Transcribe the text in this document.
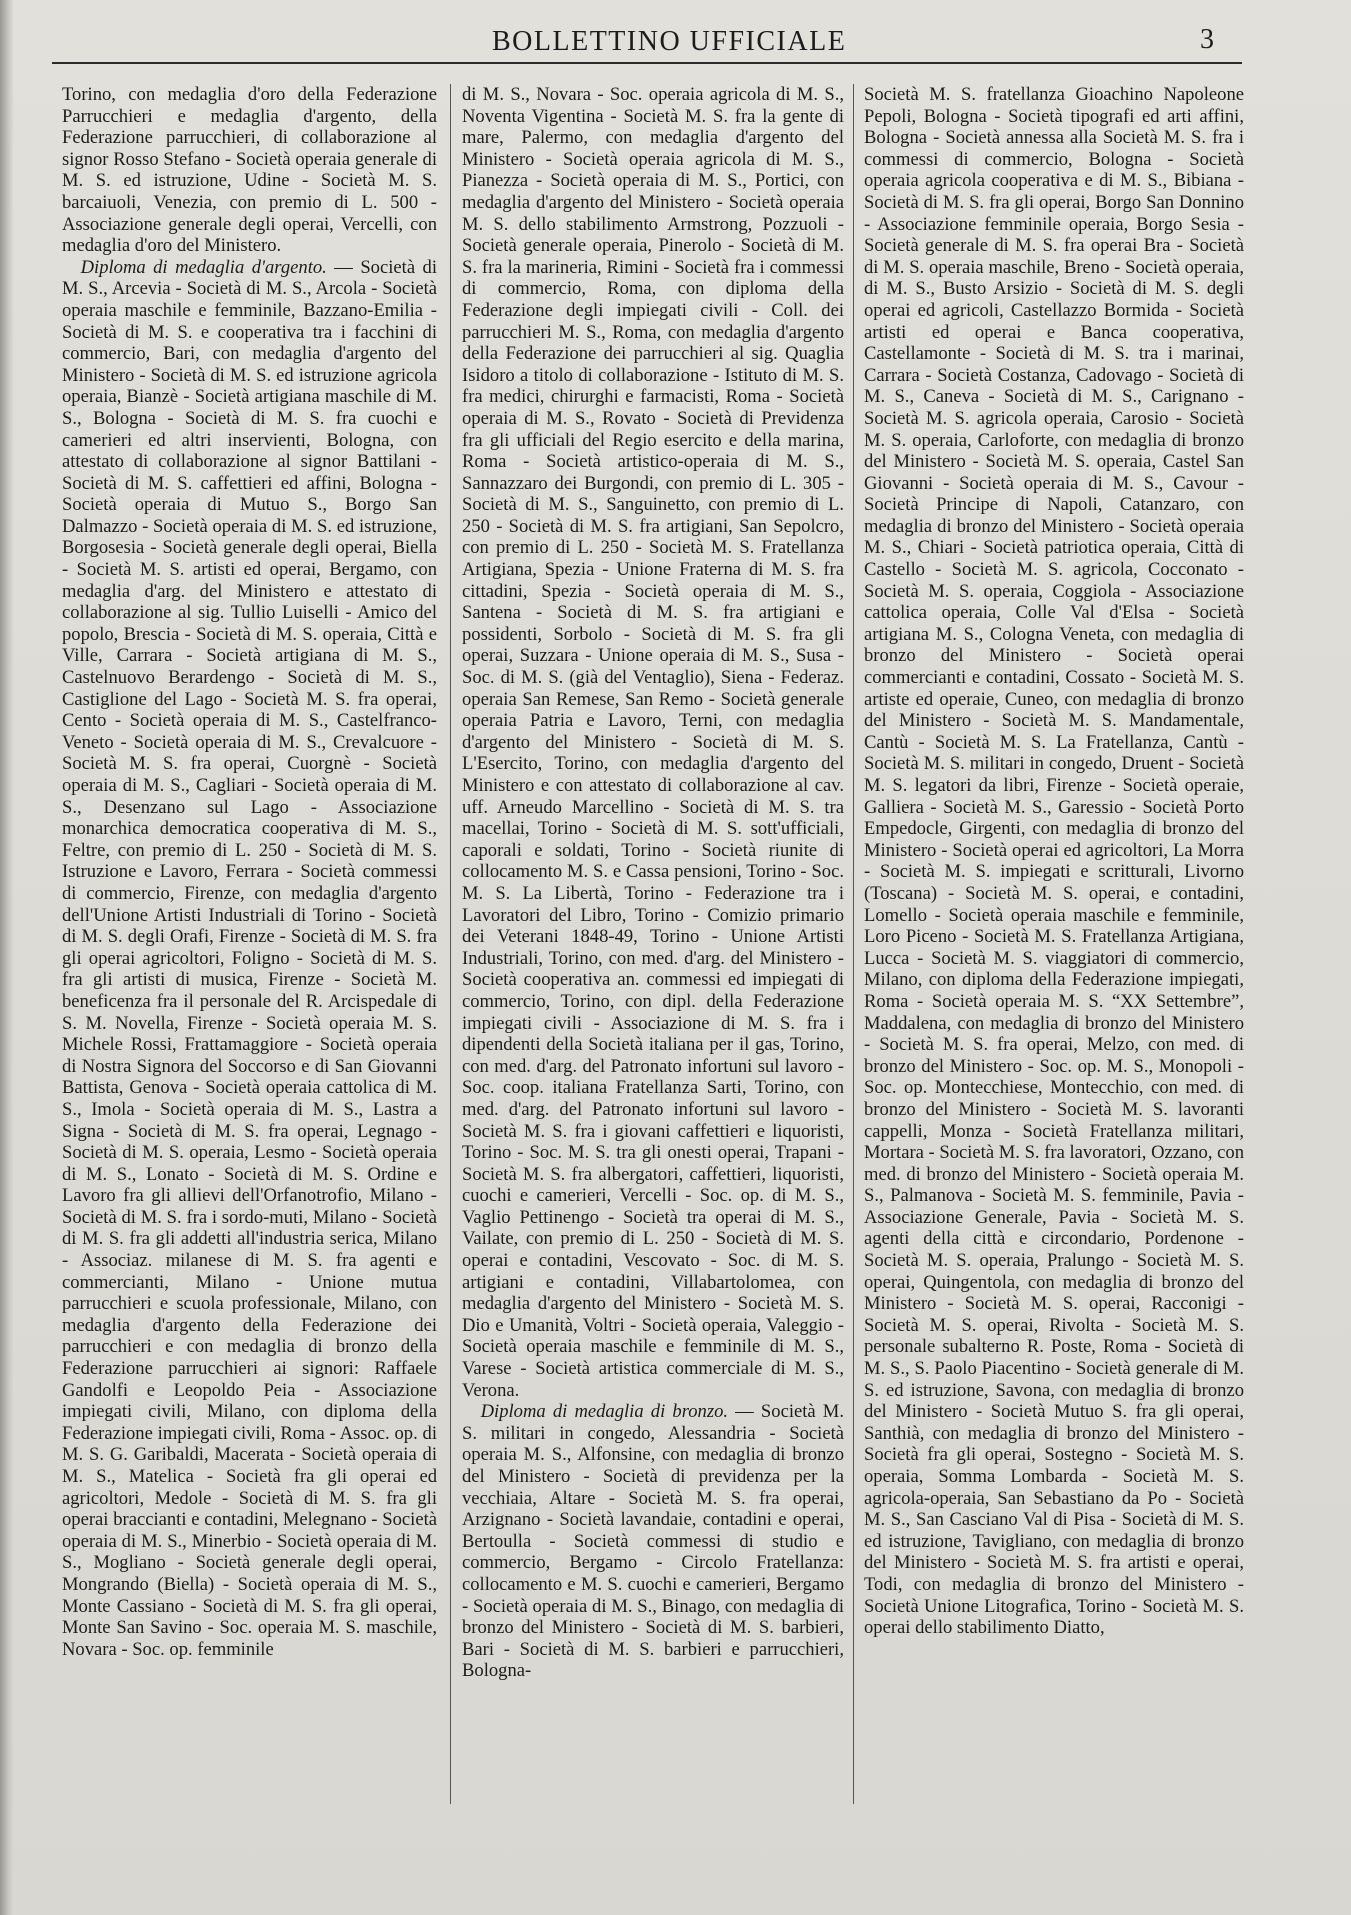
BOLLETTINO UFFICIALE	3

Torino, con medaglia d'oro della Federazione Parrucchieri e medaglia d'argento, della Federazione parrucchieri, di collaborazione al signor Rosso Stefano - Società operaia generale di M. S. ed istruzione, Udine - Società M. S. barcaiuoli, Venezia, con premio di L. 500 - Associazione generale degli operai, Vercelli, con medaglia d'oro del Ministero.

 Diploma di medaglia d'argento. — Società di M. S., Arcevia - Società di M. S., Arcola - Società operaia maschile e femminile, Bazzano-Emilia - Società di M. S. e cooperativa tra i facchini di commercio, Bari, con medaglia d'argento del Ministero - Società di M. S. ed istruzione agricola operaia, Bianzè - Società artigiana maschile di M. S., Bologna - Società di M. S. fra cuochi e camerieri ed altri inservienti, Bologna, con attestato di collaborazione al signor Battilani - Società di M. S. caffettieri ed affini, Bologna - Società operaia di Mutuo S., Borgo San Dalmazzo - Società operaia di M. S. ed istruzione, Borgosesia - Società generale degli operai, Biella - Società M. S. artisti ed operai, Bergamo, con medaglia d'arg. del Ministero e attestato di collaborazione al sig. Tullio Luiselli - Amico del popolo, Brescia - Società di M. S. operaia, Città e Ville, Carrara - Società artigiana di M. S., Castelnuovo Berardengo - Società di M. S., Castiglione del Lago - Società M. S. fra operai, Cento - Società operaia di M. S., Castelfranco-Veneto - Società operaia di M. S., Crevalcuore - Società M. S. fra operai, Cuorgnè - Società operaia di M. S., Cagliari - Società operaia di M. S., Desenzano sul Lago - Associazione monarchica democratica cooperativa di M. S., Feltre, con premio di L. 250 - Società di M. S. Istruzione e Lavoro, Ferrara - Società commessi di commercio, Firenze, con medaglia d'argento dell'Unione Artisti Industriali di Torino - Società di M. S. degli Orafi, Firenze - Società di M. S. fra gli operai agricoltori, Foligno - Società di M. S. fra gli artisti di musica, Firenze - Società M. beneficenza fra il personale del R. Arcispedale di S. M. Novella, Firenze - Società operaia M. S. Michele Rossi, Frattamaggiore - Società operaia di Nostra Signora del Soccorso e di San Giovanni Battista, Genova - Società operaia cattolica di M. S., Imola - Società operaia di M. S., Lastra a Signa - Società di M. S. fra operai, Legnago - Società di M. S. operaia, Lesmo - Società operaia di M. S., Lonato - Società di M. S. Ordine e Lavoro fra gli allievi dell'Orfanotrofio, Milano - Società di M. S. fra i sordo-muti, Milano - Società di M. S. fra gli addetti all'industria serica, Milano - Associaz. milanese di M. S. fra agenti e commercianti, Milano - Unione mutua parrucchieri e scuola professionale, Milano, con medaglia d'argento della Federazione dei parrucchieri e con medaglia di bronzo della Federazione parrucchieri ai signori: Raffaele Gandolfi e Leopoldo Peia - Associazione impiegati civili, Milano, con diploma della Federazione impiegati civili, Roma - Assoc. op. di M. S. G. Garibaldi, Macerata - Società operaia di M. S., Matelica - Società fra gli operai ed agricoltori, Medole - Società di M. S. fra gli operai braccianti e contadini, Melegnano - Società operaia di M. S., Minerbio - Società operaia di M. S., Mogliano - Società generale degli operai, Mongrando (Biella) - Società operaia di M. S., Monte Cassiano - Società di M. S. fra gli operai, Monte San Savino - Soc. operaia M. S. maschile, Novara - Soc. op. femminile

di M. S., Novara - Soc. operaia agricola di M. S., Noventa Vigentina - Società M. S. fra la gente di mare, Palermo, con medaglia d'argento del Ministero - Società operaia agricola di M. S., Pianezza - Società operaia di M. S., Portici, con medaglia d'argento del Ministero - Società operaia M. S. dello stabilimento Armstrong, Pozzuoli - Società generale operaia, Pinerolo - Società di M. S. fra la marineria, Rimini - Società fra i commessi di commercio, Roma, con diploma della Federazione degli impiegati civili - Coll. dei parrucchieri M. S., Roma, con medaglia d'argento della Federazione dei parrucchieri al sig. Quaglia Isidoro a titolo di collaborazione - Istituto di M. S. fra medici, chirurghi e farmacisti, Roma - Società operaia di M. S., Rovato - Società di Previdenza fra gli ufficiali del Regio esercito e della marina, Roma - Società artistico-operaia di M. S., Sannazzaro dei Burgondi, con premio di L. 305 - Società di M. S., Sanguinetto, con premio di L. 250 - Società di M. S. fra artigiani, San Sepolcro, con premio di L. 250 - Società M. S. Fratellanza Artigiana, Spezia - Unione Fraterna di M. S. fra cittadini, Spezia - Società operaia di M. S., Santena - Società di M. S. fra artigiani e possidenti, Sorbolo - Società di M. S. fra gli operai, Suzzara - Unione operaia di M. S., Susa - Soc. di M. S. (già del Ventaglio), Siena - Federaz. operaia San Remese, San Remo - Società generale operaia Patria e Lavoro, Terni, con medaglia d'argento del Ministero - Società di M. S. L'Esercito, Torino, con medaglia d'argento del Ministero e con attestato di collaborazione al cav. uff. Arneudo Marcellino - Società di M. S. tra macellai, Torino - Società di M. S. sott'ufficiali, caporali e soldati, Torino - Società riunite di collocamento M. S. e Cassa pensioni, Torino - Soc. M. S. La Libertà, Torino - Federazione tra i Lavoratori del Libro, Torino - Comizio primario dei Veterani 1848-49, Torino - Unione Artisti Industriali, Torino, con med. d'arg. del Ministero - Società cooperativa an. commessi ed impiegati di commercio, Torino, con dipl. della Federazione impiegati civili - Associazione di M. S. fra i dipendenti della Società italiana per il gas, Torino, con med. d'arg. del Patronato infortuni sul lavoro - Soc. coop. italiana Fratellanza Sarti, Torino, con med. d'arg. del Patronato infortuni sul lavoro - Società M. S. fra i giovani caffettieri e liquoristi, Torino - Soc. M. S. tra gli onesti operai, Trapani - Società M. S. fra albergatori, caffettieri, liquoristi, cuochi e camerieri, Vercelli - Soc. op. di M. S., Vaglio Pettinengo - Società tra operai di M. S., Vailate, con premio di L. 250 - Società di M. S. operai e contadini, Vescovato - Soc. di M. S. artigiani e contadini, Villabartolomea, con medaglia d'argento del Ministero - Società M. S. Dio e Umanità, Voltri - Società operaia, Valeggio - Società operaia maschile e femminile di M. S., Varese - Società artistica commerciale di M. S., Verona.

 Diploma di medaglia di bronzo. — Società M. S. militari in congedo, Alessandria - Società operaia M. S., Alfonsine, con medaglia di bronzo del Ministero - Società di previdenza per la vecchiaia, Altare - Società M. S. fra operai, Arzignano - Società lavandaie, contadini e operai, Bertoulla - Società commessi di studio e commercio, Bergamo - Circolo Fratellanza: collocamento e M. S. cuochi e camerieri, Bergamo - Società operaia di M. S., Binago, con medaglia di bronzo del Ministero - Società di M. S. barbieri, Bari - Società di M. S. barbieri e parrucchieri, Bologna-

Società M. S. fratellanza Gioachino Napoleone Pepoli, Bologna - Società tipografi ed arti affini, Bologna - Società annessa alla Società M. S. fra i commessi di commercio, Bologna - Società operaia agricola cooperativa e di M. S., Bibiana - Società di M. S. fra gli operai, Borgo San Donnino - Associazione femminile operaia, Borgo Sesia - Società generale di M. S. fra operai Bra - Società di M. S. operaia maschile, Breno - Società operaia, di M. S., Busto Arsizio - Società di M. S. degli operai ed agricoli, Castellazzo Bormida - Società artisti ed operai e Banca cooperativa, Castellamonte - Società di M. S. tra i marinai, Carrara - Società Costanza, Cadovago - Società di M. S., Caneva - Società di M. S., Carignano - Società M. S. agricola operaia, Carosio - Società M. S. operaia, Carloforte, con medaglia di bronzo del Ministero - Società M. S. operaia, Castel San Giovanni - Società operaia di M. S., Cavour - Società Principe di Napoli, Catanzaro, con medaglia di bronzo del Ministero - Società operaia M. S., Chiari - Società patriotica operaia, Città di Castello - Società M. S. agricola, Cocconato - Società M. S. operaia, Coggiola - Associazione cattolica operaia, Colle Val d'Elsa - Società artigiana M. S., Cologna Veneta, con medaglia di bronzo del Ministero - Società operai commercianti e contadini, Cossato - Società M. S. artiste ed operaie, Cuneo, con medaglia di bronzo del Ministero - Società M. S. Mandamentale, Cantù - Società M. S. La Fratellanza, Cantù - Società M. S. militari in congedo, Druent - Società M. S. legatori da libri, Firenze - Società operaie, Galliera - Società M. S., Garessio - Società Porto Empedocle, Girgenti, con medaglia di bronzo del Ministero - Società operai ed agricoltori, La Morra - Società M. S. impiegati e scritturali, Livorno (Toscana) - Società M. S. operai, e contadini, Lomello - Società operaia maschile e femminile, Loro Piceno - Società M. S. Fratellanza Artigiana, Lucca - Società M. S. viaggiatori di commercio, Milano, con diploma della Federazione impiegati, Roma - Società operaia M. S. “XX Settembre”, Maddalena, con medaglia di bronzo del Ministero - Società M. S. fra operai, Melzo, con med. di bronzo del Ministero - Soc. op. M. S., Monopoli - Soc. op. Montecchiese, Montecchio, con med. di bronzo del Ministero - Società M. S. lavoranti cappelli, Monza - Società Fratellanza militari, Mortara - Società M. S. fra lavoratori, Ozzano, con med. di bronzo del Ministero - Società operaia M. S., Palmanova - Società M. S. femminile, Pavia - Associazione Generale, Pavia - Società M. S. agenti della città e circondario, Pordenone - Società M. S. operaia, Pralungo - Società M. S. operai, Quingentola, con medaglia di bronzo del Ministero - Società M. S. operai, Racconigi - Società M. S. operai, Rivolta - Società M. S. personale subalterno R. Poste, Roma - Società di M. S., S. Paolo Piacentino - Società generale di M. S. ed istruzione, Savona, con medaglia di bronzo del Ministero - Società Mutuo S. fra gli operai, Santhià, con medaglia di bronzo del Ministero - Società fra gli operai, Sostegno - Società M. S. operaia, Somma Lombarda - Società M. S. agricola-operaia, San Sebastiano da Po - Società M. S., San Casciano Val di Pisa - Società di M. S. ed istruzione, Tavigliano, con medaglia di bronzo del Ministero - Società M. S. fra artisti e operai, Todi, con medaglia di bronzo del Ministero - Società Unione Litografica, Torino - Società M. S. operai dello stabilimento Diatto,
